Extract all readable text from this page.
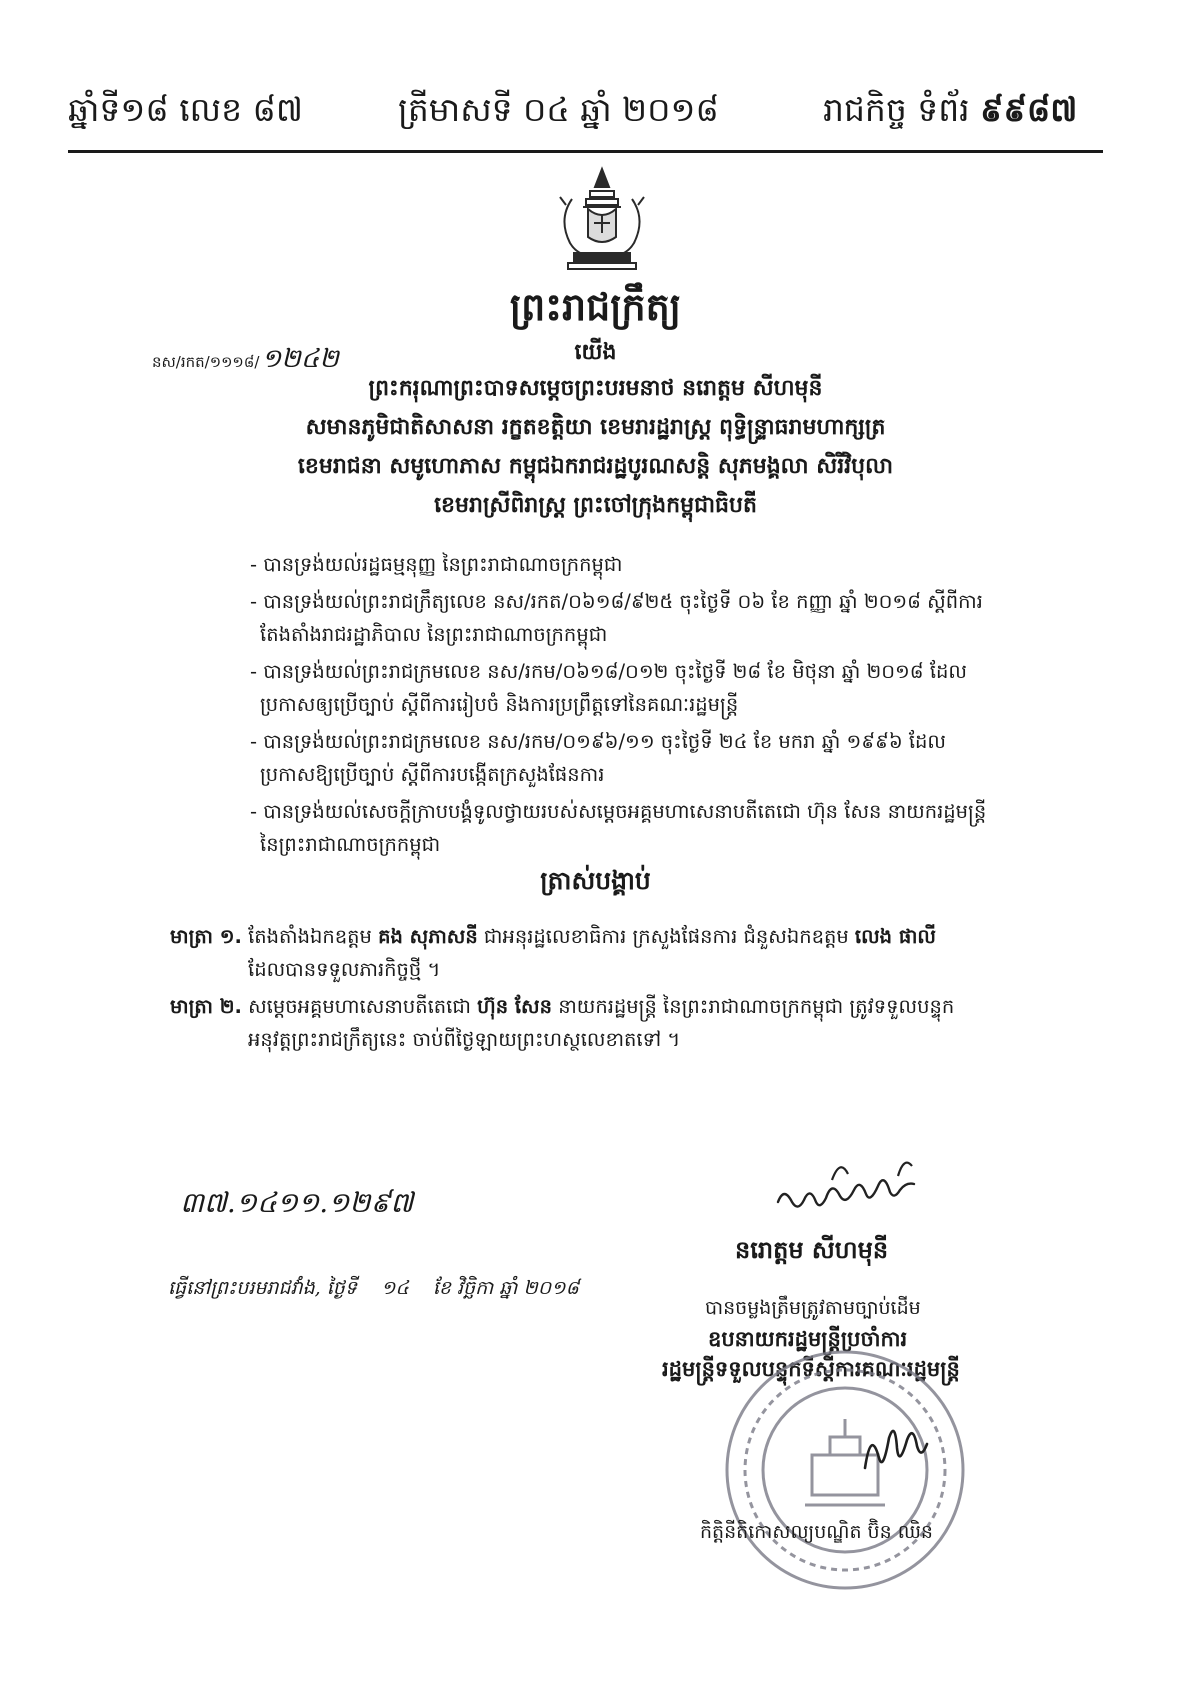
ឆ្នាំទី១៨ លេខ ៨៧	ត្រីមាសទី ០៤ ឆ្នាំ ២០១៨	រាជកិច្ច ទំព័រ ៩៩៨៧
ព្រះរាជក្រឹត្យ
នស/រកត/១១១៨/១២៤២	យើង
ព្រះករុណាព្រះបាទសម្តេចព្រះបរមនាថ នរោត្តម សីហមុនី
សមានភូមិជាតិសាសនា រក្ខតខត្តិយា ខេមរារដ្ឋរាស្ត្រ ពុទ្ធិន្ទ្រាធរាមហាក្សត្រ
ខេមរាជនា សមូហោភាស កម្ពុជឯករាជរដ្ឋបូរណសន្តិ សុភមង្គលា សិរីវិបុលា
ខេមរាស្រីពិរាស្ត្រ ព្រះចៅក្រុងកម្ពុជាធិបតី
- បានទ្រង់យល់រដ្ឋធម្មនុញ្ញ នៃព្រះរាជាណាចក្រកម្ពុជា
- បានទ្រង់យល់ព្រះរាជក្រឹត្យលេខ នស/រកត/០៦១៨/៩២៥ ចុះថ្ងៃទី ០៦ ខែ កញ្ញា ឆ្នាំ ២០១៨ ស្តីពីការ
តែងតាំងរាជរដ្ឋាភិបាល នៃព្រះរាជាណាចក្រកម្ពុជា
- បានទ្រង់យល់ព្រះរាជក្រមលេខ នស/រកម/០៦១៨/០១២ ចុះថ្ងៃទី ២៨ ខែ មិថុនា ឆ្នាំ ២០១៨ ដែល
ប្រកាសឲ្យប្រើច្បាប់ ស្តីពីការរៀបចំ និងការប្រព្រឹត្តទៅនៃគណៈរដ្ឋមន្ត្រី
- បានទ្រង់យល់ព្រះរាជក្រមលេខ នស/រកម/០១៩៦/១១ ចុះថ្ងៃទី ២៤ ខែ មករា ឆ្នាំ ១៩៩៦ ដែល
ប្រកាសឱ្យប្រើច្បាប់ ស្តីពីការបង្កើតក្រសួងផែនការ
- បានទ្រង់យល់សេចក្តីក្រាបបង្គំទូលថ្វាយរបស់សម្តេចអគ្គមហាសេនាបតីតេជោ ហ៊ុន សែន នាយករដ្ឋមន្ត្រី
នៃព្រះរាជាណាចក្រកម្ពុជា
ត្រាស់បង្គាប់
មាត្រា ១. តែងតាំងឯកឧត្តម គង សុភាសនី ជាអនុរដ្ឋលេខាធិការ ក្រសួងផែនការ ជំនួសឯកឧត្តម លេង ផាលី
ដែលបានទទួលភារកិច្ចថ្មី ។
មាត្រា ២. សម្តេចអគ្គមហាសេនាបតីតេជោ ហ៊ុន សែន នាយករដ្ឋមន្ត្រី នៃព្រះរាជាណាចក្រកម្ពុជា ត្រូវទទួលបន្ទុក
អនុវត្តព្រះរាជក្រឹត្យនេះ ចាប់ពីថ្ងៃឡាយព្រះហស្ថលេខាតទៅ ។
៣៧.១៤១១.១២៩៧
ធ្វើនៅព្រះបរមរាជវាំង, ថ្ងៃទី ១៤ ខែ វិច្ឆិកា ឆ្នាំ ២០១៨
នរោត្តម សីហមុនី
បានចម្លងត្រឹមត្រូវតាមច្បាប់ដើម
ឧបនាយករដ្ឋមន្ត្រីប្រចាំការ
រដ្ឋមន្ត្រីទទួលបន្ទុកទីស្តីការគណៈរដ្ឋមន្ត្រី
កិត្តិនីតិកោសល្យបណ្ឌិត ប៊ិន ឈិន
